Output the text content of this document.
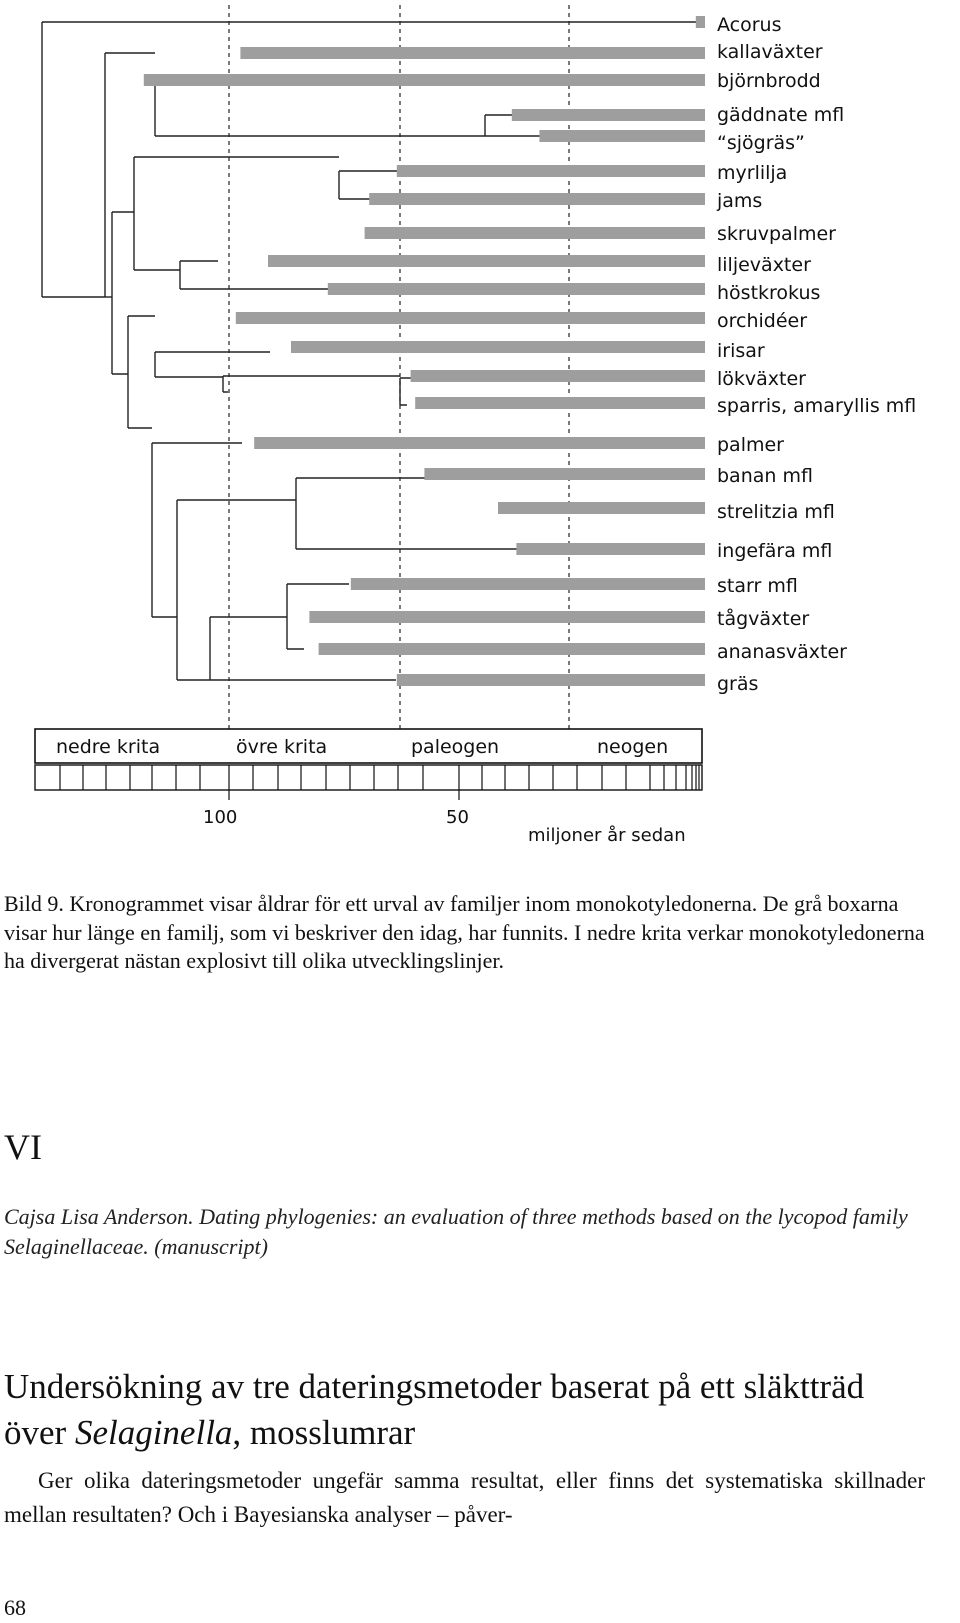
Acorus
kallaväxter
björnbrodd
gäddnate mfl
“sjögräs”
myrlilja
jams
skruvpalmer
liljeväxter
höstkrokus
orchidéer
irisar
lökväxter
sparris, amaryllis mfl
palmer
banan mfl
strelitzia mfl
ingefära mfl
starr mfl
tågväxter
ananasväxter
gräs
nedre krita	övre krita	paleogen	neogen
100	50
miljoner år sedan
Bild 9. Kronogrammet visar åldrar för ett urval av familjer inom monokotyledonerna. De grå boxarna visar hur länge en familj, som vi beskriver den idag, har funnits. I nedre krita verkar monokotyledonerna ha divergerat nästan explosivt till olika utvecklingslinjer.
VI
Cajsa Lisa Anderson. Dating phylogenies: an evaluation of three methods based on the lycopod family Selaginellaceae. (manuscript)
Undersökning av tre dateringsmetoder baserat på ett släktträd över Selaginella, mosslumrar
Ger olika dateringsmetoder ungefär samma resultat, eller finns det systematiska skillnader mellan resultaten? Och i Bayesianska analyser – påver-
68
